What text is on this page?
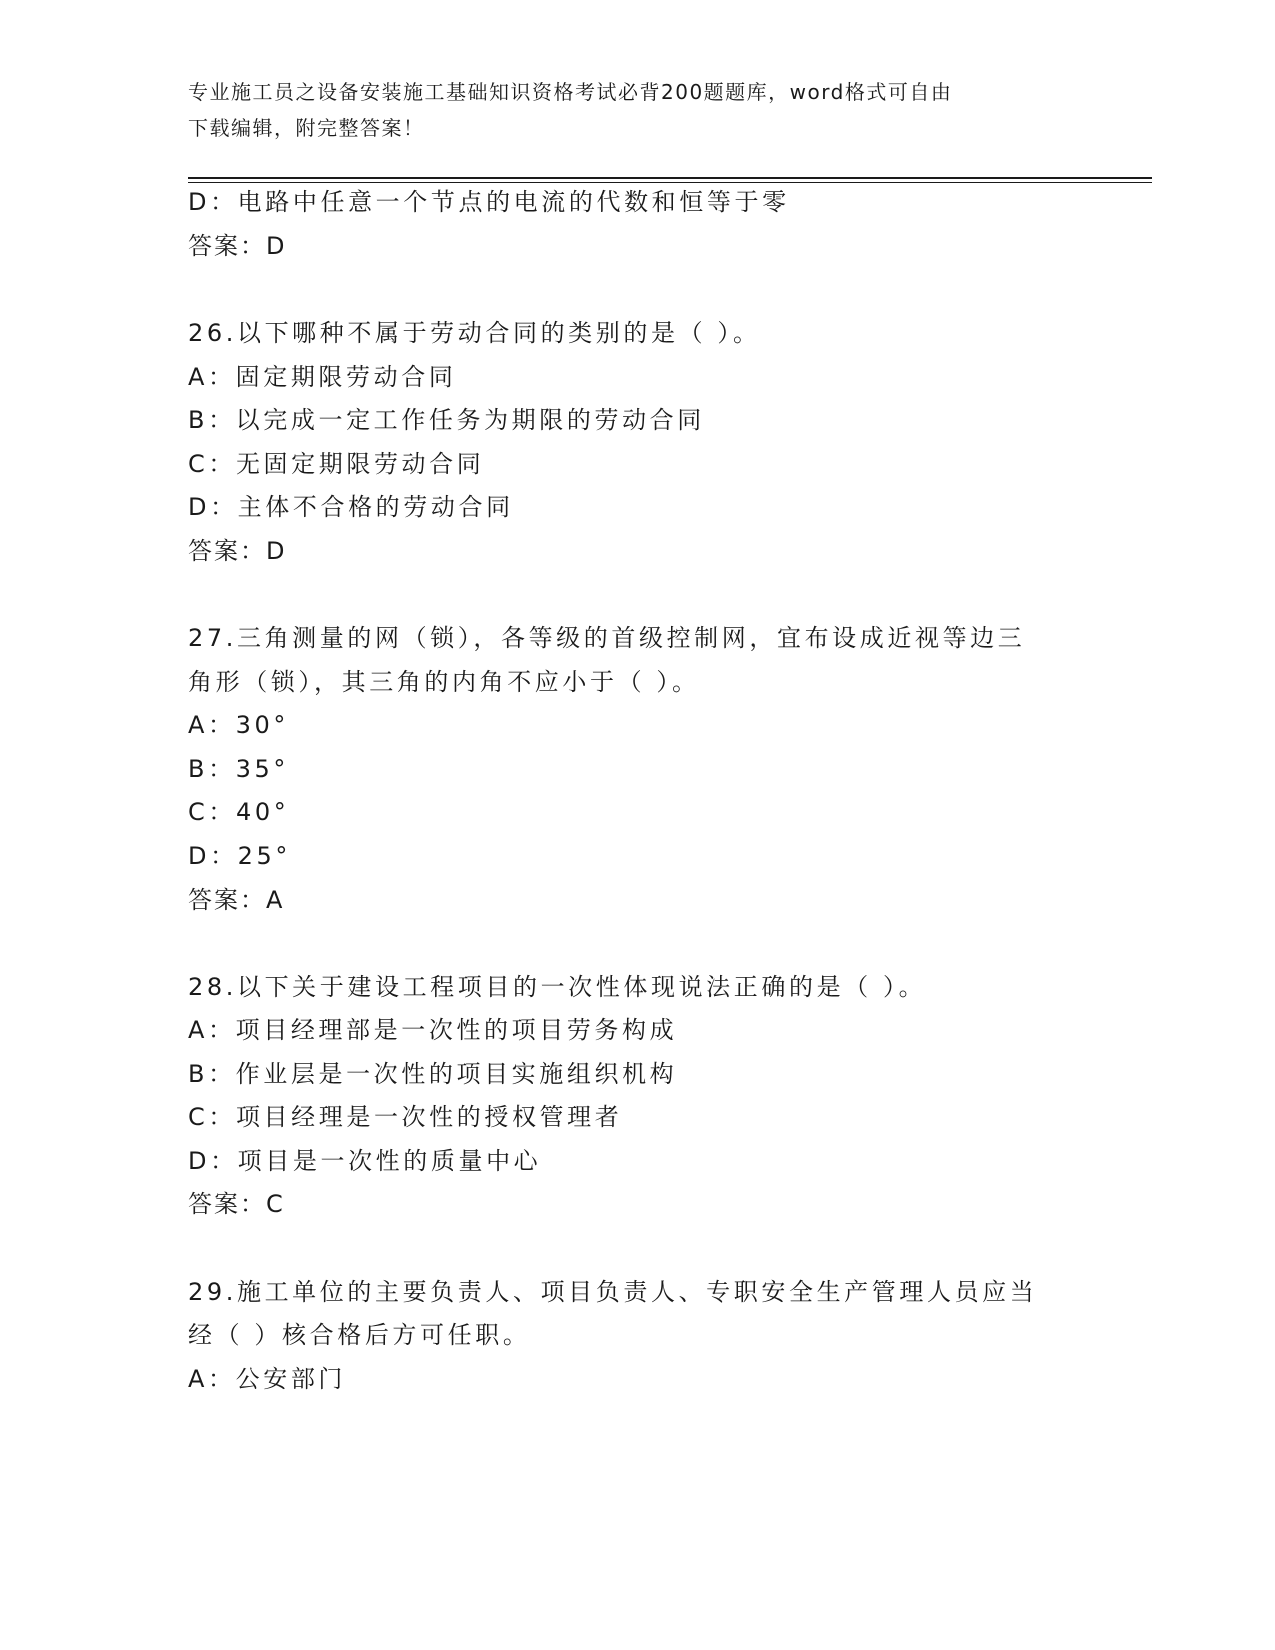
专业施工员之设备安装施工基础知识资格考试必背200题题库，word格式可自由
下载编辑，附完整答案！
D：电路中任意一个节点的电流的代数和恒等于零
答案：D
26.以下哪种不属于劳动合同的类别的是（ ）。
A：固定期限劳动合同
B：以完成一定工作任务为期限的劳动合同
C：无固定期限劳动合同
D：主体不合格的劳动合同
答案：D
27.三角测量的网（锁），各等级的首级控制网，宜布设成近视等边三
角形（锁），其三角的内角不应小于（ ）。
A：30°
B：35°
C：40°
D：25°
答案：A
28.以下关于建设工程项目的一次性体现说法正确的是（ ）。
A：项目经理部是一次性的项目劳务构成
B：作业层是一次性的项目实施组织机构
C：项目经理是一次性的授权管理者
D：项目是一次性的质量中心
答案：C
29.施工单位的主要负责人、项目负责人、专职安全生产管理人员应当
经（ ）核合格后方可任职。
A：公安部门
